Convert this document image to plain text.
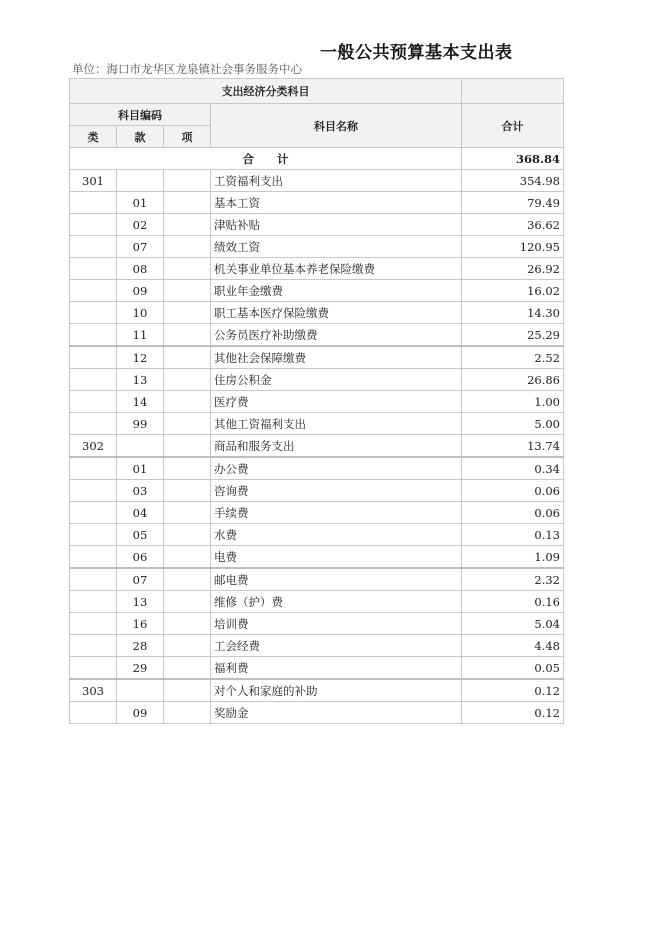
一般公共预算基本支出表
单位：海口市龙华区龙泉镇社会事务服务中心
支出经济分类科目				
科目编码			科目名称	合计
类	款	项		
合　　计				368.84
301			工资福利支出	354.98
	01		基本工资	79.49
	02		津贴补贴	36.62
	07		绩效工资	120.95
	08		机关事业单位基本养老保险缴费	26.92
	09		职业年金缴费	16.02
	10		职工基本医疗保险缴费	14.30
	11		公务员医疗补助缴费	25.29
	12		其他社会保障缴费	2.52
	13		住房公积金	26.86
	14		医疗费	1.00
	99		其他工资福利支出	5.00
302			商品和服务支出	13.74
	01		办公费	0.34
	03		咨询费	0.06
	04		手续费	0.06
	05		水费	0.13
	06		电费	1.09
	07		邮电费	2.32
	13		维修（护）费	0.16
	16		培训费	5.04
	28		工会经费	4.48
	29		福利费	0.05
303			对个人和家庭的补助	0.12
	09		奖励金	0.12
